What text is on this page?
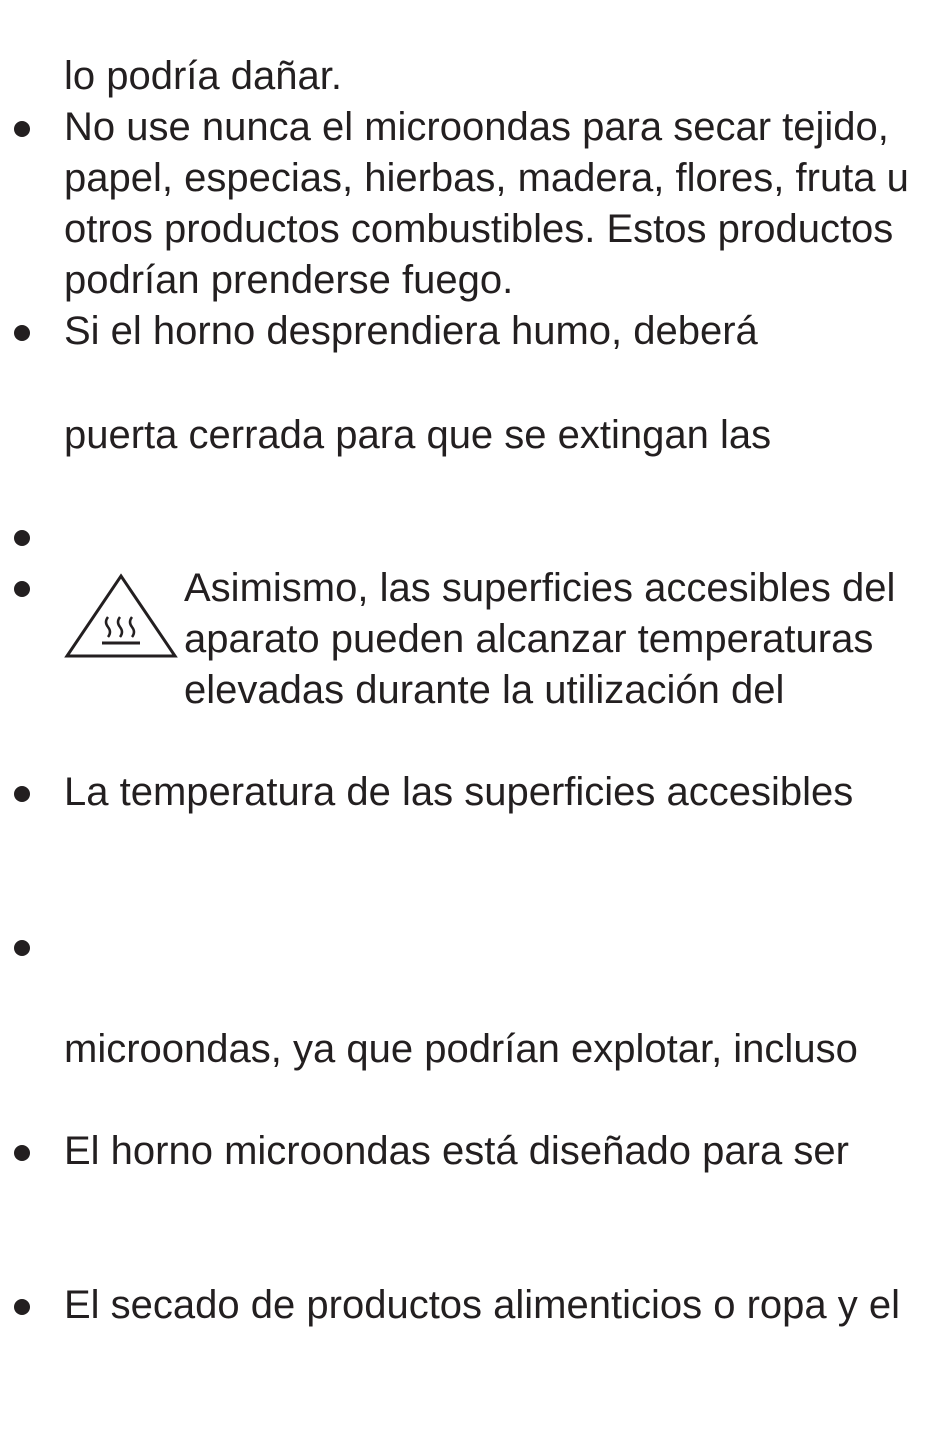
lo podría dañar.
No use nunca el microondas para secar tejido,
papel, especias, hierbas, madera, flores, fruta u
otros productos combustibles. Estos productos
podrían prenderse fuego.
Si el horno desprendiera humo, deberá
puerta cerrada para que se extingan las
Asimismo, las superficies accesibles del
aparato pueden alcanzar temperaturas
elevadas durante la utilización del
La temperatura de las superficies accesibles
microondas, ya que podrían explotar, incluso
El horno microondas está diseñado para ser
El secado de productos alimenticios o ropa y el
